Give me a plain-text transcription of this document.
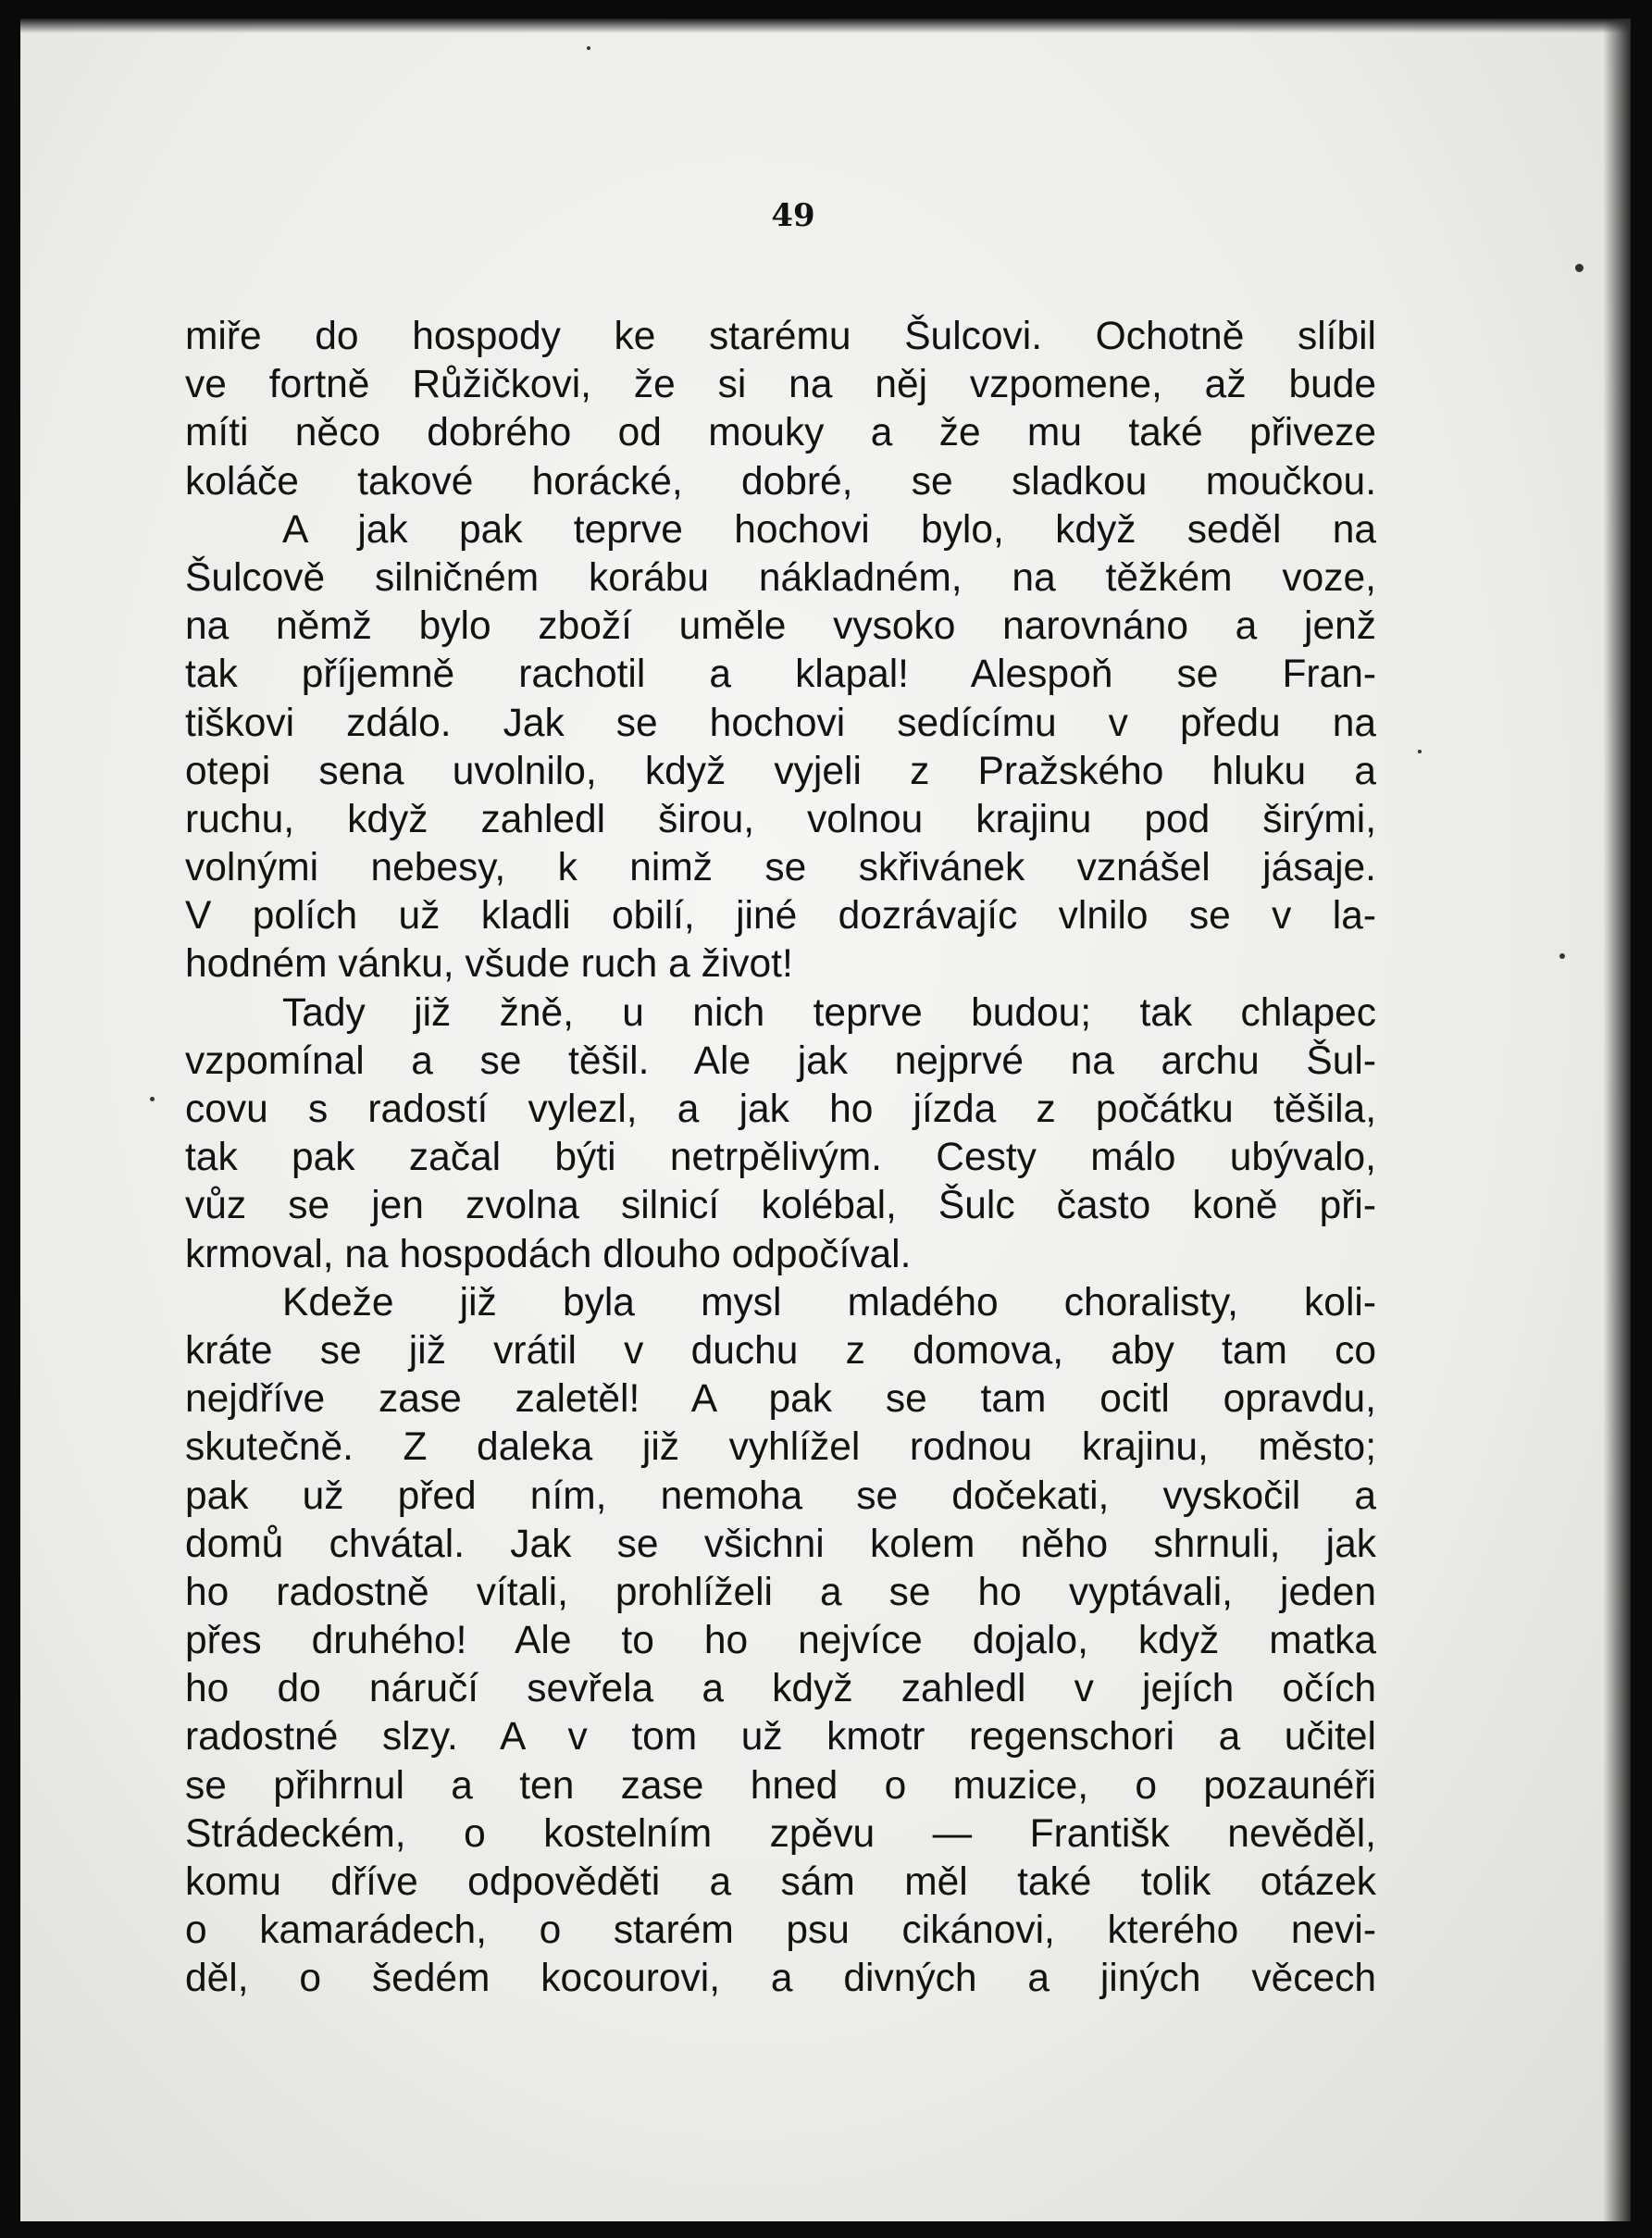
49
miře do hospody ke starému Šulcovi. Ochotně slíbil
ve fortně Růžičkovi, že si na něj vzpomene, až bude
míti něco dobrého od mouky a že mu také přiveze
koláče takové horácké, dobré, se sladkou moučkou.
A jak pak teprve hochovi bylo, když seděl na
Šulcově silničném korábu nákladném, na těžkém voze,
na němž bylo zboží uměle vysoko narovnáno a jenž
tak příjemně rachotil a klapal! Alespoň se Fran-
tiškovi zdálo. Jak se hochovi sedícímu v předu na
otepi sena uvolnilo, když vyjeli z Pražského hluku a
ruchu, když zahledl širou, volnou krajinu pod širými,
volnými nebesy, k nimž se skřivánek vznášel jásaje.
V polích už kladli obilí, jiné dozrávajíc vlnilo se v la-
hodném vánku, všude ruch a život!
Tady již žně, u nich teprve budou; tak chlapec
vzpomínal a se těšil. Ale jak nejprvé na archu Šul-
covu s radostí vylezl, a jak ho jízda z počátku těšila,
tak pak začal býti netrpělivým. Cesty málo ubývalo,
vůz se jen zvolna silnicí kolébal, Šulc často koně při-
krmoval, na hospodách dlouho odpočíval.
Kdeže již byla mysl mladého choralisty, koli-
kráte se již vrátil v duchu z domova, aby tam co
nejdříve zase zaletěl! A pak se tam ocitl opravdu,
skutečně. Z daleka již vyhlížel rodnou krajinu, město;
pak už před ním, nemoha se dočekati, vyskočil a
domů chvátal. Jak se všichni kolem něho shrnuli, jak
ho radostně vítali, prohlíželi a se ho vyptávali, jeden
přes druhého! Ale to ho nejvíce dojalo, když matka
ho do náručí sevřela a když zahledl v jejích očích
radostné slzy. A v tom už kmotr regenschori a učitel
se přihrnul a ten zase hned o muzice, o pozaunéři
Strádeckém, o kostelním zpěvu — Františk nevěděl,
komu dříve odpověděti a sám měl také tolik otázek
o kamarádech, o starém psu cikánovi, kterého nevi-
děl, o šedém kocourovi, a divných a jiných věcech
